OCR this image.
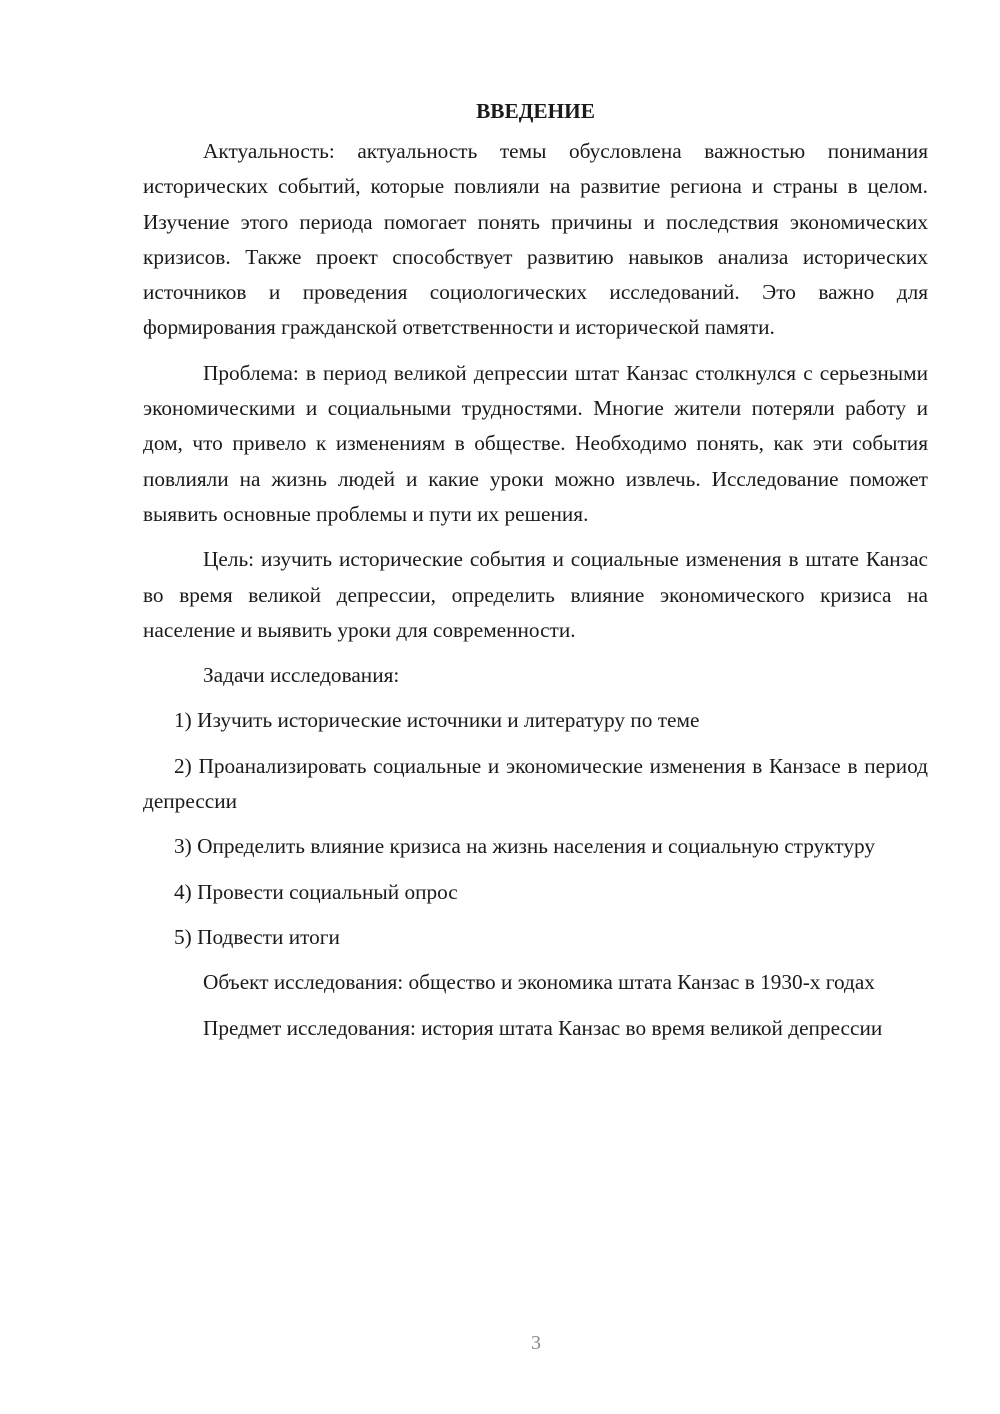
ВВЕДЕНИЕ

Актуальность: актуальность темы обусловлена важностью понимания исторических событий, которые повлияли на развитие региона и страны в целом. Изучение этого периода помогает понять причины и последствия экономических кризисов. Также проект способствует развитию навыков анализа исторических источников и проведения социологических исследований. Это важно для формирования гражданской ответственности и исторической памяти.

Проблема: в период великой депрессии штат Канзас столкнулся с серьезными экономическими и социальными трудностями. Многие жители потеряли работу и дом, что привело к изменениям в обществе. Необходимо понять, как эти события повлияли на жизнь людей и какие уроки можно извлечь. Исследование поможет выявить основные проблемы и пути их решения.

Цель: изучить исторические события и социальные изменения в штате Канзас во время великой депрессии, определить влияние экономического кризиса на население и выявить уроки для современности.

Задачи исследования:

1) Изучить исторические источники и литературу по теме

2) Проанализировать социальные и экономические изменения в Канзасе в период депрессии

3) Определить влияние кризиса на жизнь населения и социальную структуру

4) Провести социальный опрос

5) Подвести итоги

Объект исследования: общество и экономика штата Канзас в 1930-х годах

Предмет исследования: история штата Канзас во время великой депрессии

3
